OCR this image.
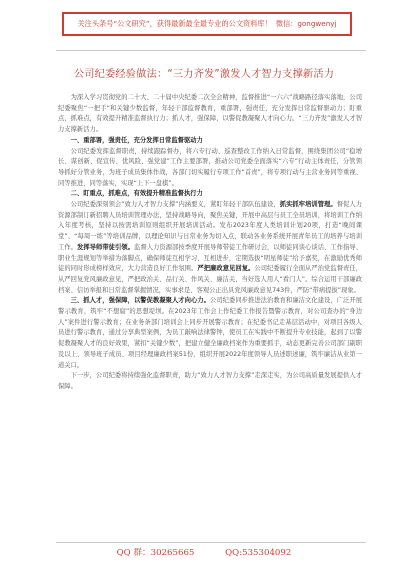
关注头条号“公文研究”，获得最新最全最专业的公文资料库！ 微信：gongwenyj
公司纪委经验做法：“三力齐发”激发人才智力支撑新活力

为深入学习贯彻党的二十大、二十届中央纪委二次全会精神，监督推进“一六六”战略路径落实落地，公司纪委聚焦“一把手”和关键少数监督，年轻干部监督教育，重部署，强责任，充分发挥日常监督驱动力；盯重点，抓难点，有效提升精准监督执行力；抓人才，强保障，以警促教凝聚人才向心力。“三力齐发”激发人才智力支撑新活力。

一、重部署，强责任，充分发挥日常监督驱动力

公司纪委发挥监督职责，持续跟踪督办，将六专行动、巡查整改工作纳入日常监督，围绕集团公司“稳增长、谋创新、促宣传、优风险、强党建”工作主要部署，推动公司党委全面落实“六专”行动主体责任，分管领导抓好分管业务，为班子成员集体作战，各部门切实履行专项工作“首责”，将专项行动与主营业务同等重视、同等推进、同等落实，实现“上下一盘棋”。

二、盯重点，抓难点，有效提升精准监督执行力

公司纪委深刻领会“致力人才智力支撑”内涵要义，紧盯年轻干部队伍建设，抓实抓牢培训管理。督促人力资源部制订新招聘人员培训管理办法，坚持战略导向，聚焦关键，开展中高层与员工全员培训，将培训工作纳入年度考核，坚持以按需培训原则组织开展培训活动。发布2023年度人类培训计划20项，打造“晚间课堂”、“每周一练”等培训品牌，以理论知识与日常业务为切入点，联动各业务系统开展青年员工的培养与培训工作。发挥导师带徒引领。监督人力资源部按季度开展导师带徒工作研讨会，以师徒同谈心谈话、工作指导、职业生涯规划等举措为落脚点，确保师徒互相学习、互相进步，定期选拔“明星师徒”给予嘉奖，在激励优秀师徒的同时形成榜样效应，大力营造良好工作氛围。严把廉政意见回复。公司纪委履行全面从严治党监督责任，从严回复党风廉政意见，严把政治关、品行关、作风关、廉洁关，当好选人用人“看门人”。综合运用干部廉政档案、信访举报和日常监督掌握情况，实事求是、客观公正出具党风廉政意见743件，严防“带病提拔”现象。

三、抓人才，强保障，以警促教凝聚人才向心力。公司纪委同步推进法治教育和廉洁文化建设，广泛开展警示教育，筑牢“不想腐”的思想堤坝。在2023年工作会上作纪委工作报告暨警示教育，对公司查办的“身边人”案件进行警示教育；在业务条部门培训会上同步开展警示教育；在纪委书记走基层活动中，对项目各级人员进行警示教育，通过分享典型案例，为员工敲响法律警钟，使员工在实践中不断提升专业技能，起到了以警促教凝聚人才的良好效果，紧扣“关键少数”，把建立健全廉政档案作为重要抓手，动态更新完善公司部门副职及以上、领导班子成员、项目经理廉政档案51份，组织开展2022年度领导人员述职述廉，筑牢廉洁从业第一道关口。

下一步，公司纪委将持续强化监督职责，助力“致力人才智力支撑”走深走实，为公司高质量发展提供人才保障。

QQ 群：30265665	QQ:535304092
